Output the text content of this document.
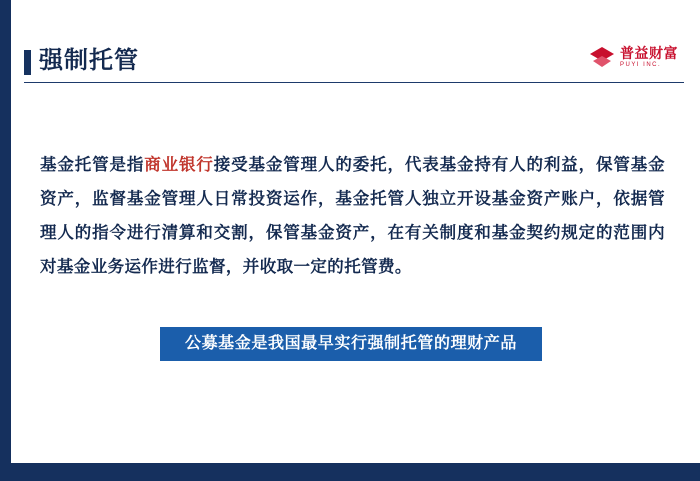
强制托管	普益财富
PUYI INC.
基金托管是指商业银行接受基金管理人的委托，代表基金持有人的利益，保管基金资产，监督基金管理人日常投资运作，基金托管人独立开设基金资产账户，依据管理人的指令进行清算和交割，保管基金资产，在有关制度和基金契约规定的范围内对基金业务运作进行监督，并收取一定的托管费。
公募基金是我国最早实行强制托管的理财产品
